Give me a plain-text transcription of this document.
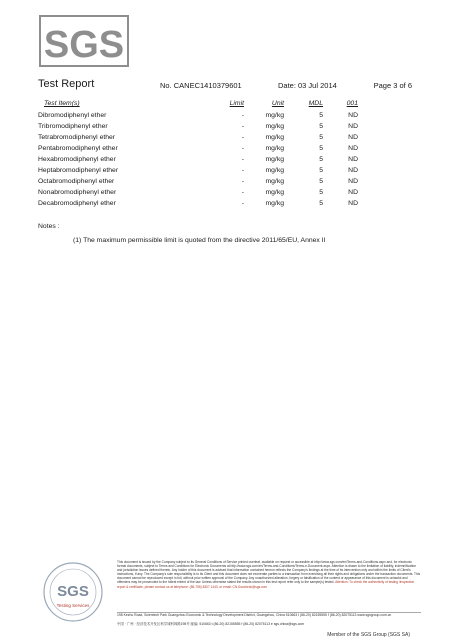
SGS
Test Report	No. CANEC1410379601	Date: 03 Jul 2014	Page 3 of 6
Test Item(s)	Limit	Unit	MDL	001
Dibromodiphenyl ether	-	mg/kg	5	ND
Tribromodiphenyl ether	-	mg/kg	5	ND
Tetrabromodiphenyl ether	-	mg/kg	5	ND
Pentabromodiphenyl ether	-	mg/kg	5	ND
Hexabromodiphenyl ether	-	mg/kg	5	ND
Heptabromodiphenyl ether	-	mg/kg	5	ND
Octabromodiphenyl ether	-	mg/kg	5	ND
Nonabromodiphenyl ether	-	mg/kg	5	ND
Decabromodiphenyl ether	-	mg/kg	5	ND
Notes :
(1) The maximum permissible limit is quoted from the directive 2011/65/EU, Annex II
SGS
Testing Services
This document is issued by the Company subject to its General Conditions of Service printed overleaf, available on request or accessible at http://www.sgs.com/en/Terms-and-Conditions.aspx and, for electronic format documents, subject to Terms and Conditions for Electronic Documents at http://www.sgs.com/en/Terms-and-Conditions/Terms-e-Document.aspx. Attention is drawn to the limitation of liability, indemnification and jurisdiction issues defined therein. Any holder of this document is advised that information contained hereon reflects the Company's findings at the time of its intervention only and within the limits of Client's instructions, if any. The Company's sole responsibility is to its Client and this document does not exonerate parties to a transaction from exercising all their rights and obligations under the transaction documents. This document cannot be reproduced except in full, without prior written approval of the Company. Any unauthorized alteration, forgery or falsification of the content or appearance of this document is unlawful and offenders may be prosecuted to the fullest extent of the law. Unless otherwise stated the results shown in this test report refer only to the sample(s) tested. Attention: To check the authenticity of testing /inspection report & certificate, please contact us at telephone: (86-755) 8307 1443, or email: CN.Doccheck@sgs.com
198 Kezhu Road, Scientech Park Guangzhou Economic & Technology Development District, Guangzhou, China 510663 t (86-20) 82155555 f (86-20) 82075113 www.sgsgroup.com.cn
中国 · 广州 · 经济技术开发区科学城科珠路198号 邮编: 510663 t (86-20) 82155555 f (86-20) 82075113 e sgs.china@sgs.com
Member of the SGS Group (SGS SA)
